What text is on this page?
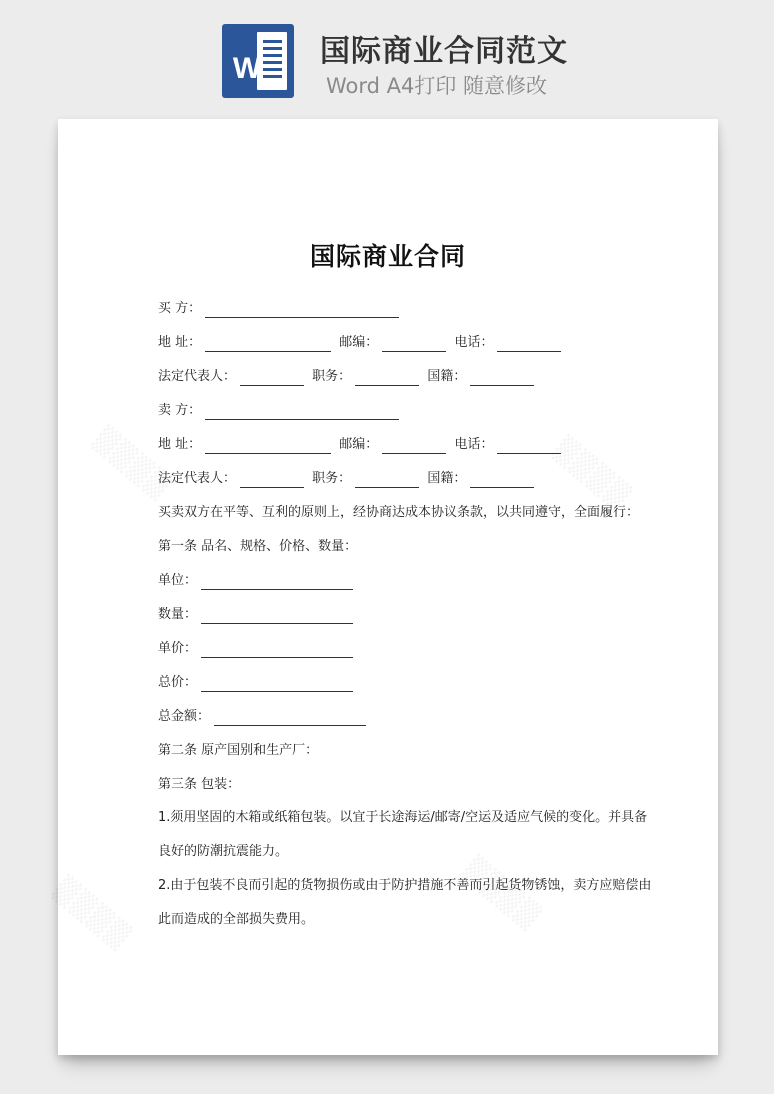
W 国际商业合同范文
Word A4打印 随意修改
国际商业合同
买 方：
地 址：	邮编：	电话：
法定代表人：	职务：	国籍：
卖 方：
地 址：	邮编：	电话：
法定代表人：	职务：	国籍：
买卖双方在平等、互利的原则上，经协商达成本协议条款，以共同遵守，全面履行：
第一条 品名、规格、价格、数量：
单位：
数量：
单价：
总价：
总金额：
第二条 原产国别和生产厂：
第三条 包装：
1.须用坚固的木箱或纸箱包装。以宜于长途海运/邮寄/空运及适应气候的变化。并具备良好的防潮抗震能力。
2.由于包装不良而引起的货物损伤或由于防护措施不善而引起货物锈蚀，卖方应赔偿由此而造成的全部损失费用。
